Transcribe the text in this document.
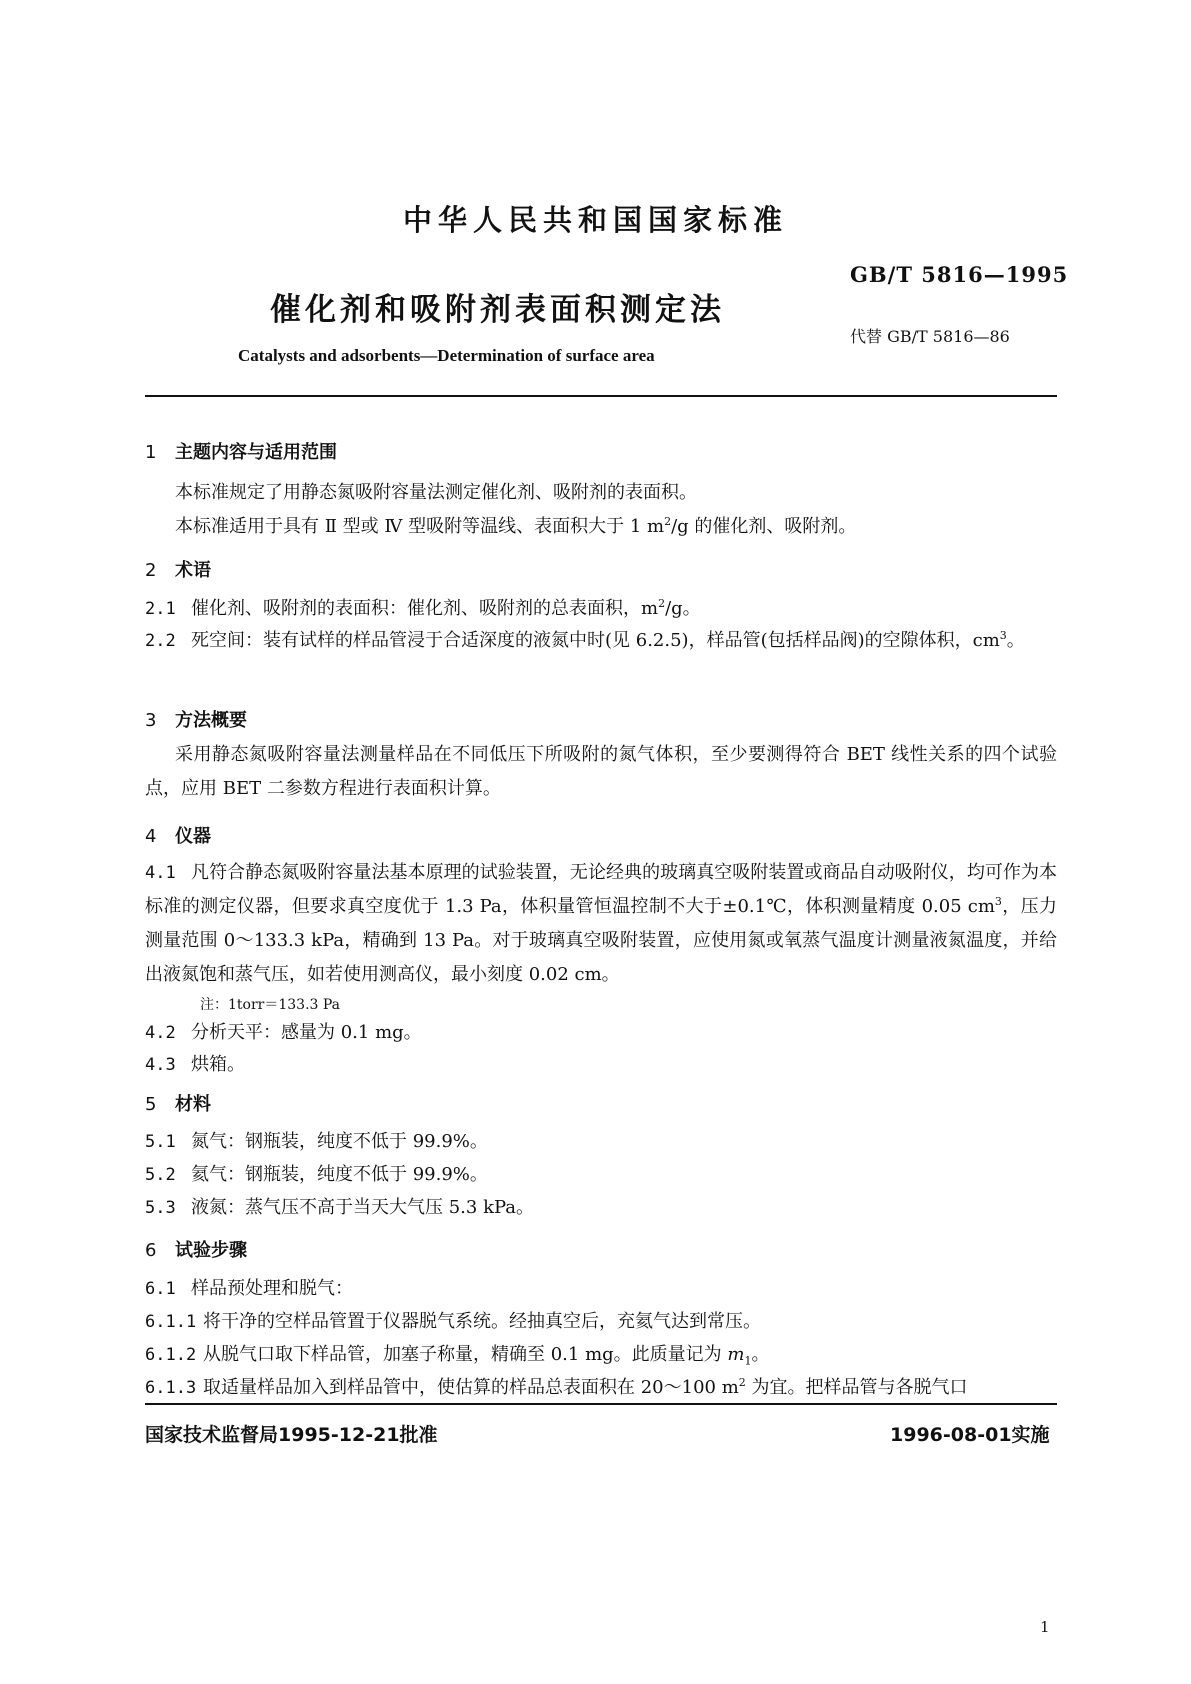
中华人民共和国国家标准
GB/T 5816—1995
催化剂和吸附剂表面积测定法
代替 GB/T 5816—86
Catalysts and adsorbents—Determination of surface area
1 主题内容与适用范围
本标准规定了用静态氮吸附容量法测定催化剂、吸附剂的表面积。
本标准适用于具有 Ⅱ 型或 Ⅳ 型吸附等温线、表面积大于 1 $m^2/g$ 的催化剂、吸附剂。
2 术语
2.1 催化剂、吸附剂的表面积：催化剂、吸附剂的总表面积，$m^2/g$。
2.2 死空间：装有试样的样品管浸于合适深度的液氮中时(见 6.2.5)，样品管(包括样品阀)的空隙体积，$cm^3$。
3 方法概要
采用静态氮吸附容量法测量样品在不同低压下所吸附的氮气体积，至少要测得符合 BET 线性关系的四个试验点，应用 BET 二参数方程进行表面积计算。
4 仪器
4.1 凡符合静态氮吸附容量法基本原理的试验装置，无论经典的玻璃真空吸附装置或商品自动吸附仪，均可作为本标准的测定仪器，但要求真空度优于 1.3 Pa，体积量管恒温控制不大于±0.1℃，体积测量精度 0.05 $cm^3$，压力测量范围 0～133.3 kPa，精确到 13 Pa。对于玻璃真空吸附装置，应使用氮或氧蒸气温度计测量液氮温度，并给出液氮饱和蒸气压，如若使用测高仪，最小刻度 0.02 cm。
注：1torr＝133.3 Pa
4.2 分析天平：感量为 0.1 mg。
4.3 烘箱。
5 材料
5.1 氮气：钢瓶装，纯度不低于 99.9%。
5.2 氦气：钢瓶装，纯度不低于 99.9%。
5.3 液氮：蒸气压不高于当天大气压 5.3 kPa。
6 试验步骤
6.1 样品预处理和脱气：
6.1.1 将干净的空样品管置于仪器脱气系统。经抽真空后，充氦气达到常压。
6.1.2 从脱气口取下样品管，加塞子称量，精确至 0.1 mg。此质量记为 $m_1$。
6.1.3 取适量样品加入到样品管中，使估算的样品总表面积在 20～100 $m^2$ 为宜。把样品管与各脱气口
国家技术监督局1995-12-21批准	1996-08-01实施
1
